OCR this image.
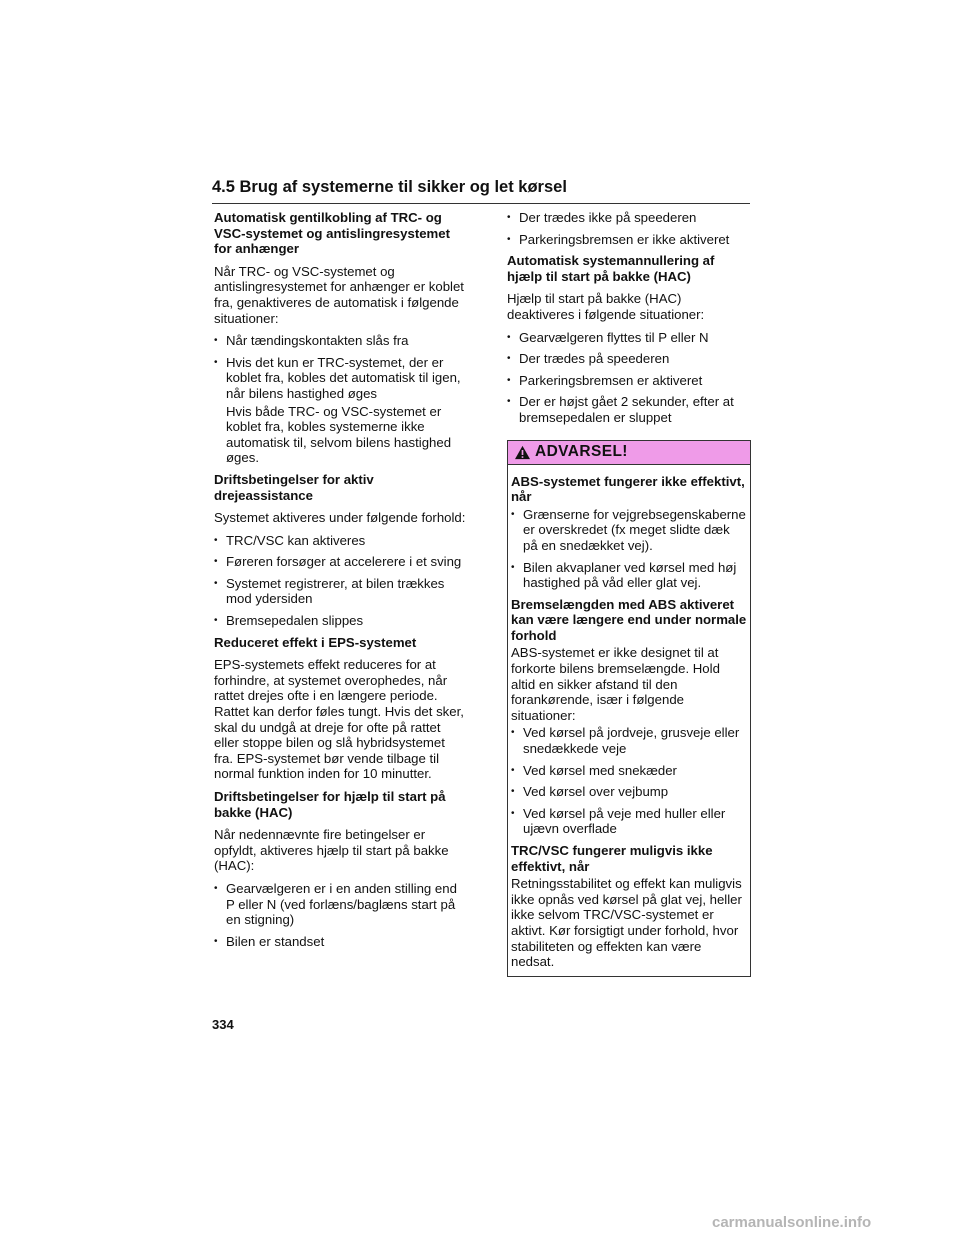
4.5 Brug af systemerne til sikker og let kørsel
Automatisk gentilkobling af TRC- og VSC-systemet og antislingresystemet for anhænger
Når TRC- og VSC-systemet og antislingresystemet for anhænger er koblet fra, genaktiveres de automatisk i følgende situationer:
• Når tændingskontakten slås fra
• Hvis det kun er TRC-systemet, der er koblet fra, kobles det automatisk til igen, når bilens hastighed øges
Hvis både TRC- og VSC-systemet er koblet fra, kobles systemerne ikke automatisk til, selvom bilens hastighed øges.
Driftsbetingelser for aktiv drejeassistance
Systemet aktiveres under følgende forhold:
• TRC/VSC kan aktiveres
• Føreren forsøger at accelerere i et sving
• Systemet registrerer, at bilen trækkes mod ydersiden
• Bremsepedalen slippes
Reduceret effekt i EPS-systemet
EPS-systemets effekt reduceres for at forhindre, at systemet overophedes, når rattet drejes ofte i en længere periode. Rattet kan derfor føles tungt. Hvis det sker, skal du undgå at dreje for ofte på rattet eller stoppe bilen og slå hybridsystemet fra. EPS-systemet bør vende tilbage til normal funktion inden for 10 minutter.
Driftsbetingelser for hjælp til start på bakke (HAC)
Når nedennævnte fire betingelser er opfyldt, aktiveres hjælp til start på bakke (HAC):
• Gearvælgeren er i en anden stilling end P eller N (ved forlæns/baglæns start på en stigning)
• Bilen er standset
• Der trædes ikke på speederen
• Parkeringsbremsen er ikke aktiveret
Automatisk systemannullering af hjælp til start på bakke (HAC)
Hjælp til start på bakke (HAC) deaktiveres i følgende situationer:
• Gearvælgeren flyttes til P eller N
• Der trædes på speederen
• Parkeringsbremsen er aktiveret
• Der er højst gået 2 sekunder, efter at bremsepedalen er sluppet
ADVARSEL!
ABS-systemet fungerer ikke effektivt, når
• Grænserne for vejgrebsegenskaberne er overskredet (fx meget slidte dæk på en snedækket vej).
• Bilen akvaplaner ved kørsel med høj hastighed på våd eller glat vej.
Bremselængden med ABS aktiveret kan være længere end under normale forhold
ABS-systemet er ikke designet til at forkorte bilens bremselængde. Hold altid en sikker afstand til den forankørende, især i følgende situationer:
• Ved kørsel på jordveje, grusveje eller snedækkede veje
• Ved kørsel med snekæder
• Ved kørsel over vejbump
• Ved kørsel på veje med huller eller ujævn overflade
TRC/VSC fungerer muligvis ikke effektivt, når
Retningsstabilitet og effekt kan muligvis ikke opnås ved kørsel på glat vej, heller ikke selvom TRC/VSC-systemet er aktivt. Kør forsigtigt under forhold, hvor stabiliteten og effekten kan være nedsat.
334
carmanualsonline.info
